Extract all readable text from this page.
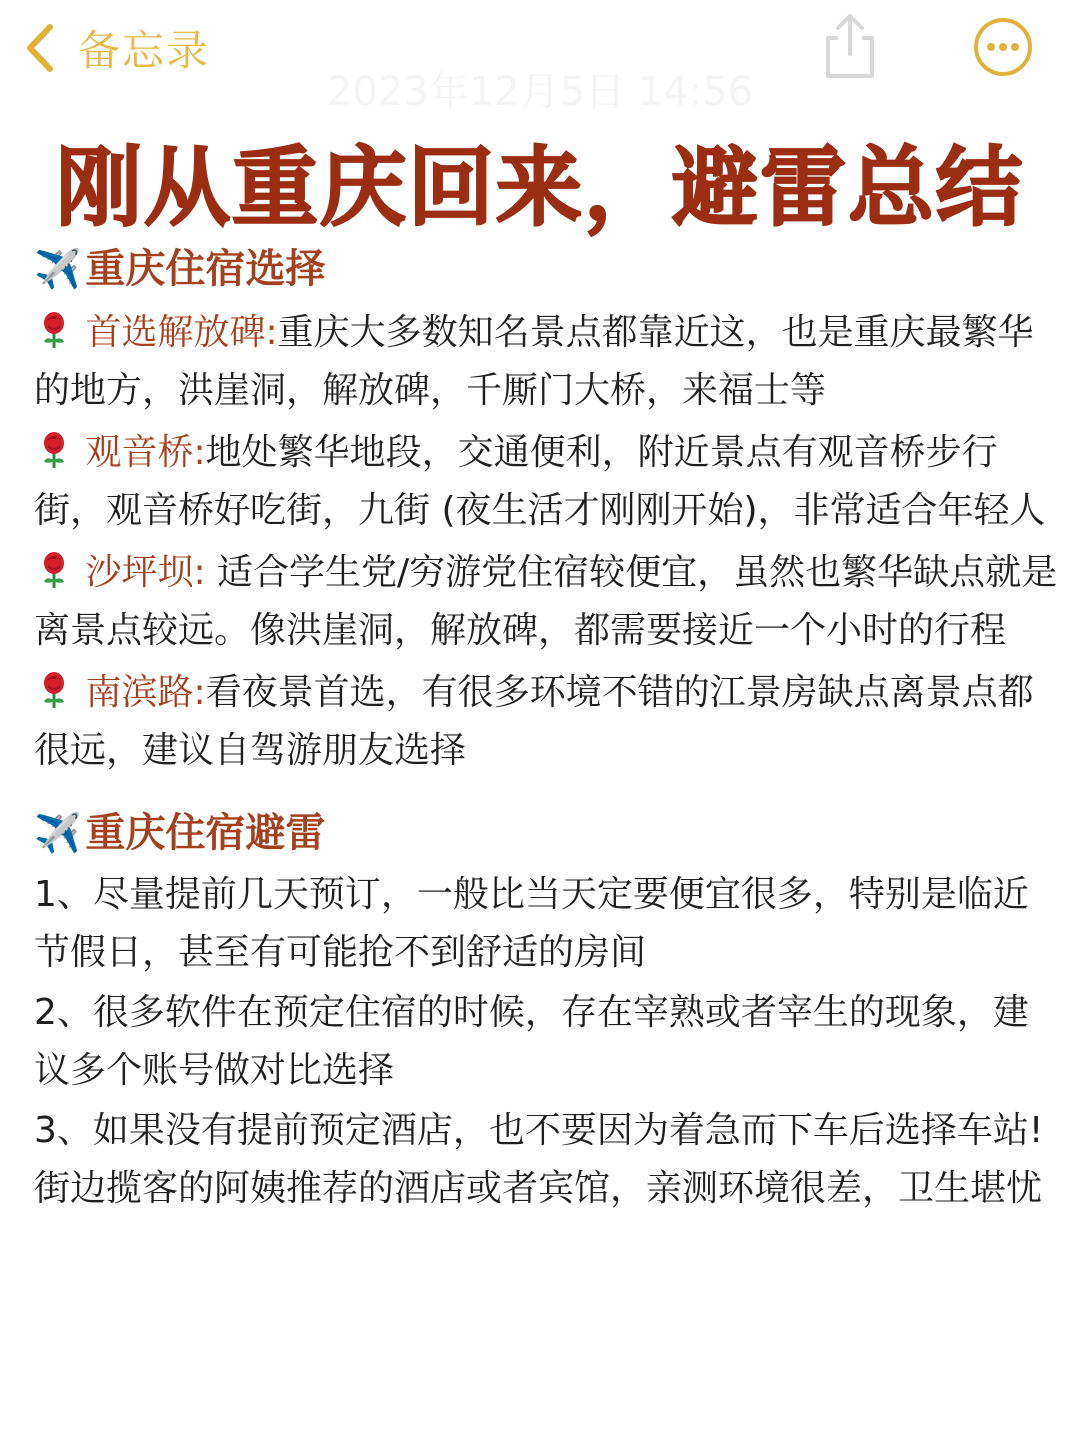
备忘录
2023年12月5日 14:56
刚从重庆回来，避雷总结
✈️ 重庆住宿选择
首选解放碑:重庆大多数知名景点都靠近这，也是重庆最繁华的地方，洪崖洞，解放碑，千厮门大桥，来福士等
观音桥:地处繁华地段，交通便利，附近景点有观音桥步行街，观音桥好吃街，九街 (夜生活才刚刚开始)，非常适合年轻人
沙坪坝: 适合学生党/穷游党住宿较便宜，虽然也繁华缺点就是离景点较远。像洪崖洞，解放碑，都需要接近一个小时的行程
南滨路:看夜景首选，有很多环境不错的江景房缺点离景点都很远，建议自驾游朋友选择
✈️ 重庆住宿避雷
1、尽量提前几天预订，一般比当天定要便宜很多，特别是临近节假日，甚至有可能抢不到舒适的房间
2、很多软件在预定住宿的时候，存在宰熟或者宰生的现象，建议多个账号做对比选择
3、如果没有提前预定酒店，也不要因为着急而下车后选择车站!街边揽客的阿姨推荐的酒店或者宾馆，亲测环境很差，卫生堪忧
